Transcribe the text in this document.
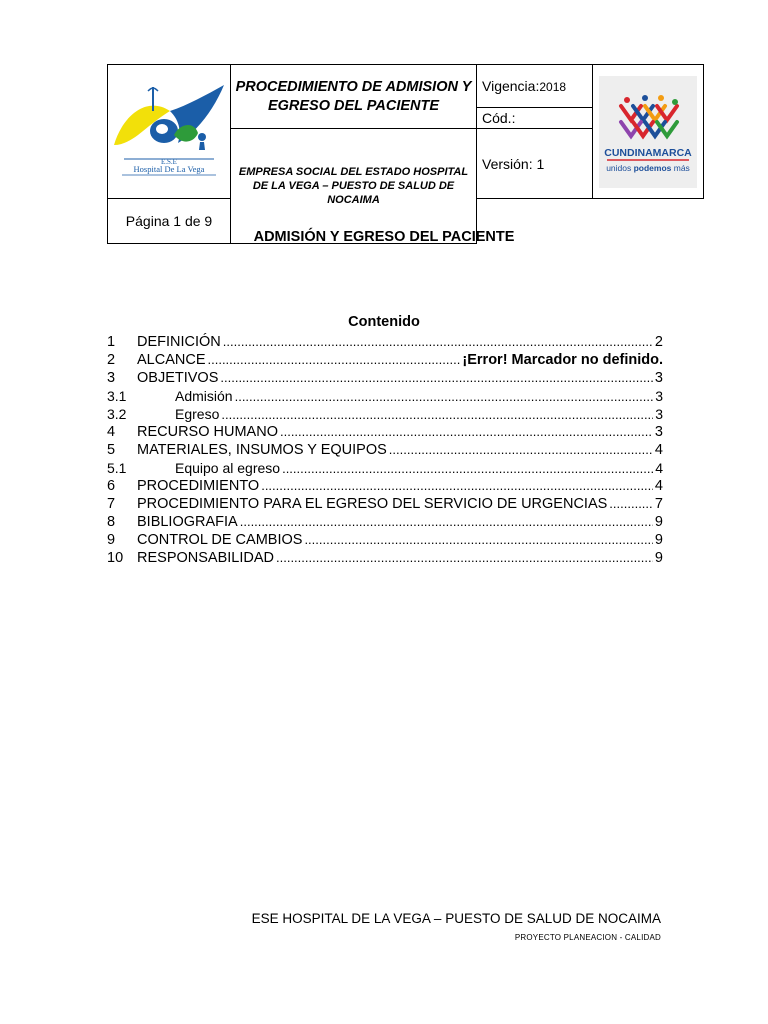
E.S.E
Hospital De La Vega	PROCEDIMIENTO DE ADMISION Y EGRESO DEL PACIENTE	Vigencia:2018	CUNDINAMARCA
unidos podemos más

		Cód.:	

	EMPRESA SOCIAL DEL ESTADO HOSPITAL DE LA VEGA – PUESTO DE SALUD DE NOCAIMA	Versión: 1	
Página 1 de 9			
ADMISIÓN Y EGRESO DEL PACIENTE
Contenido
1	DEFINICIÓN .....	2
2	ALCANCE .....	¡Error! Marcador no definido.
3	OBJETIVOS .....	3
3.1	Admisión .....	3
3.2	Egreso .....	3
4	RECURSO HUMANO .....	3
5	MATERIALES, INSUMOS Y EQUIPOS .....	4
5.1	Equipo al egreso .....	4
6	PROCEDIMIENTO .....	4
7	PROCEDIMIENTO PARA EL EGRESO DEL SERVICIO DE URGENCIAS .....	7
8	BIBLIOGRAFIA .....	9
9	CONTROL DE CAMBIOS .....	9
10 RESPONSABILIDAD .....	9
ESE HOSPITAL DE LA VEGA – PUESTO DE SALUD DE NOCAIMA
PROYECTO PLANEACION - CALIDAD
